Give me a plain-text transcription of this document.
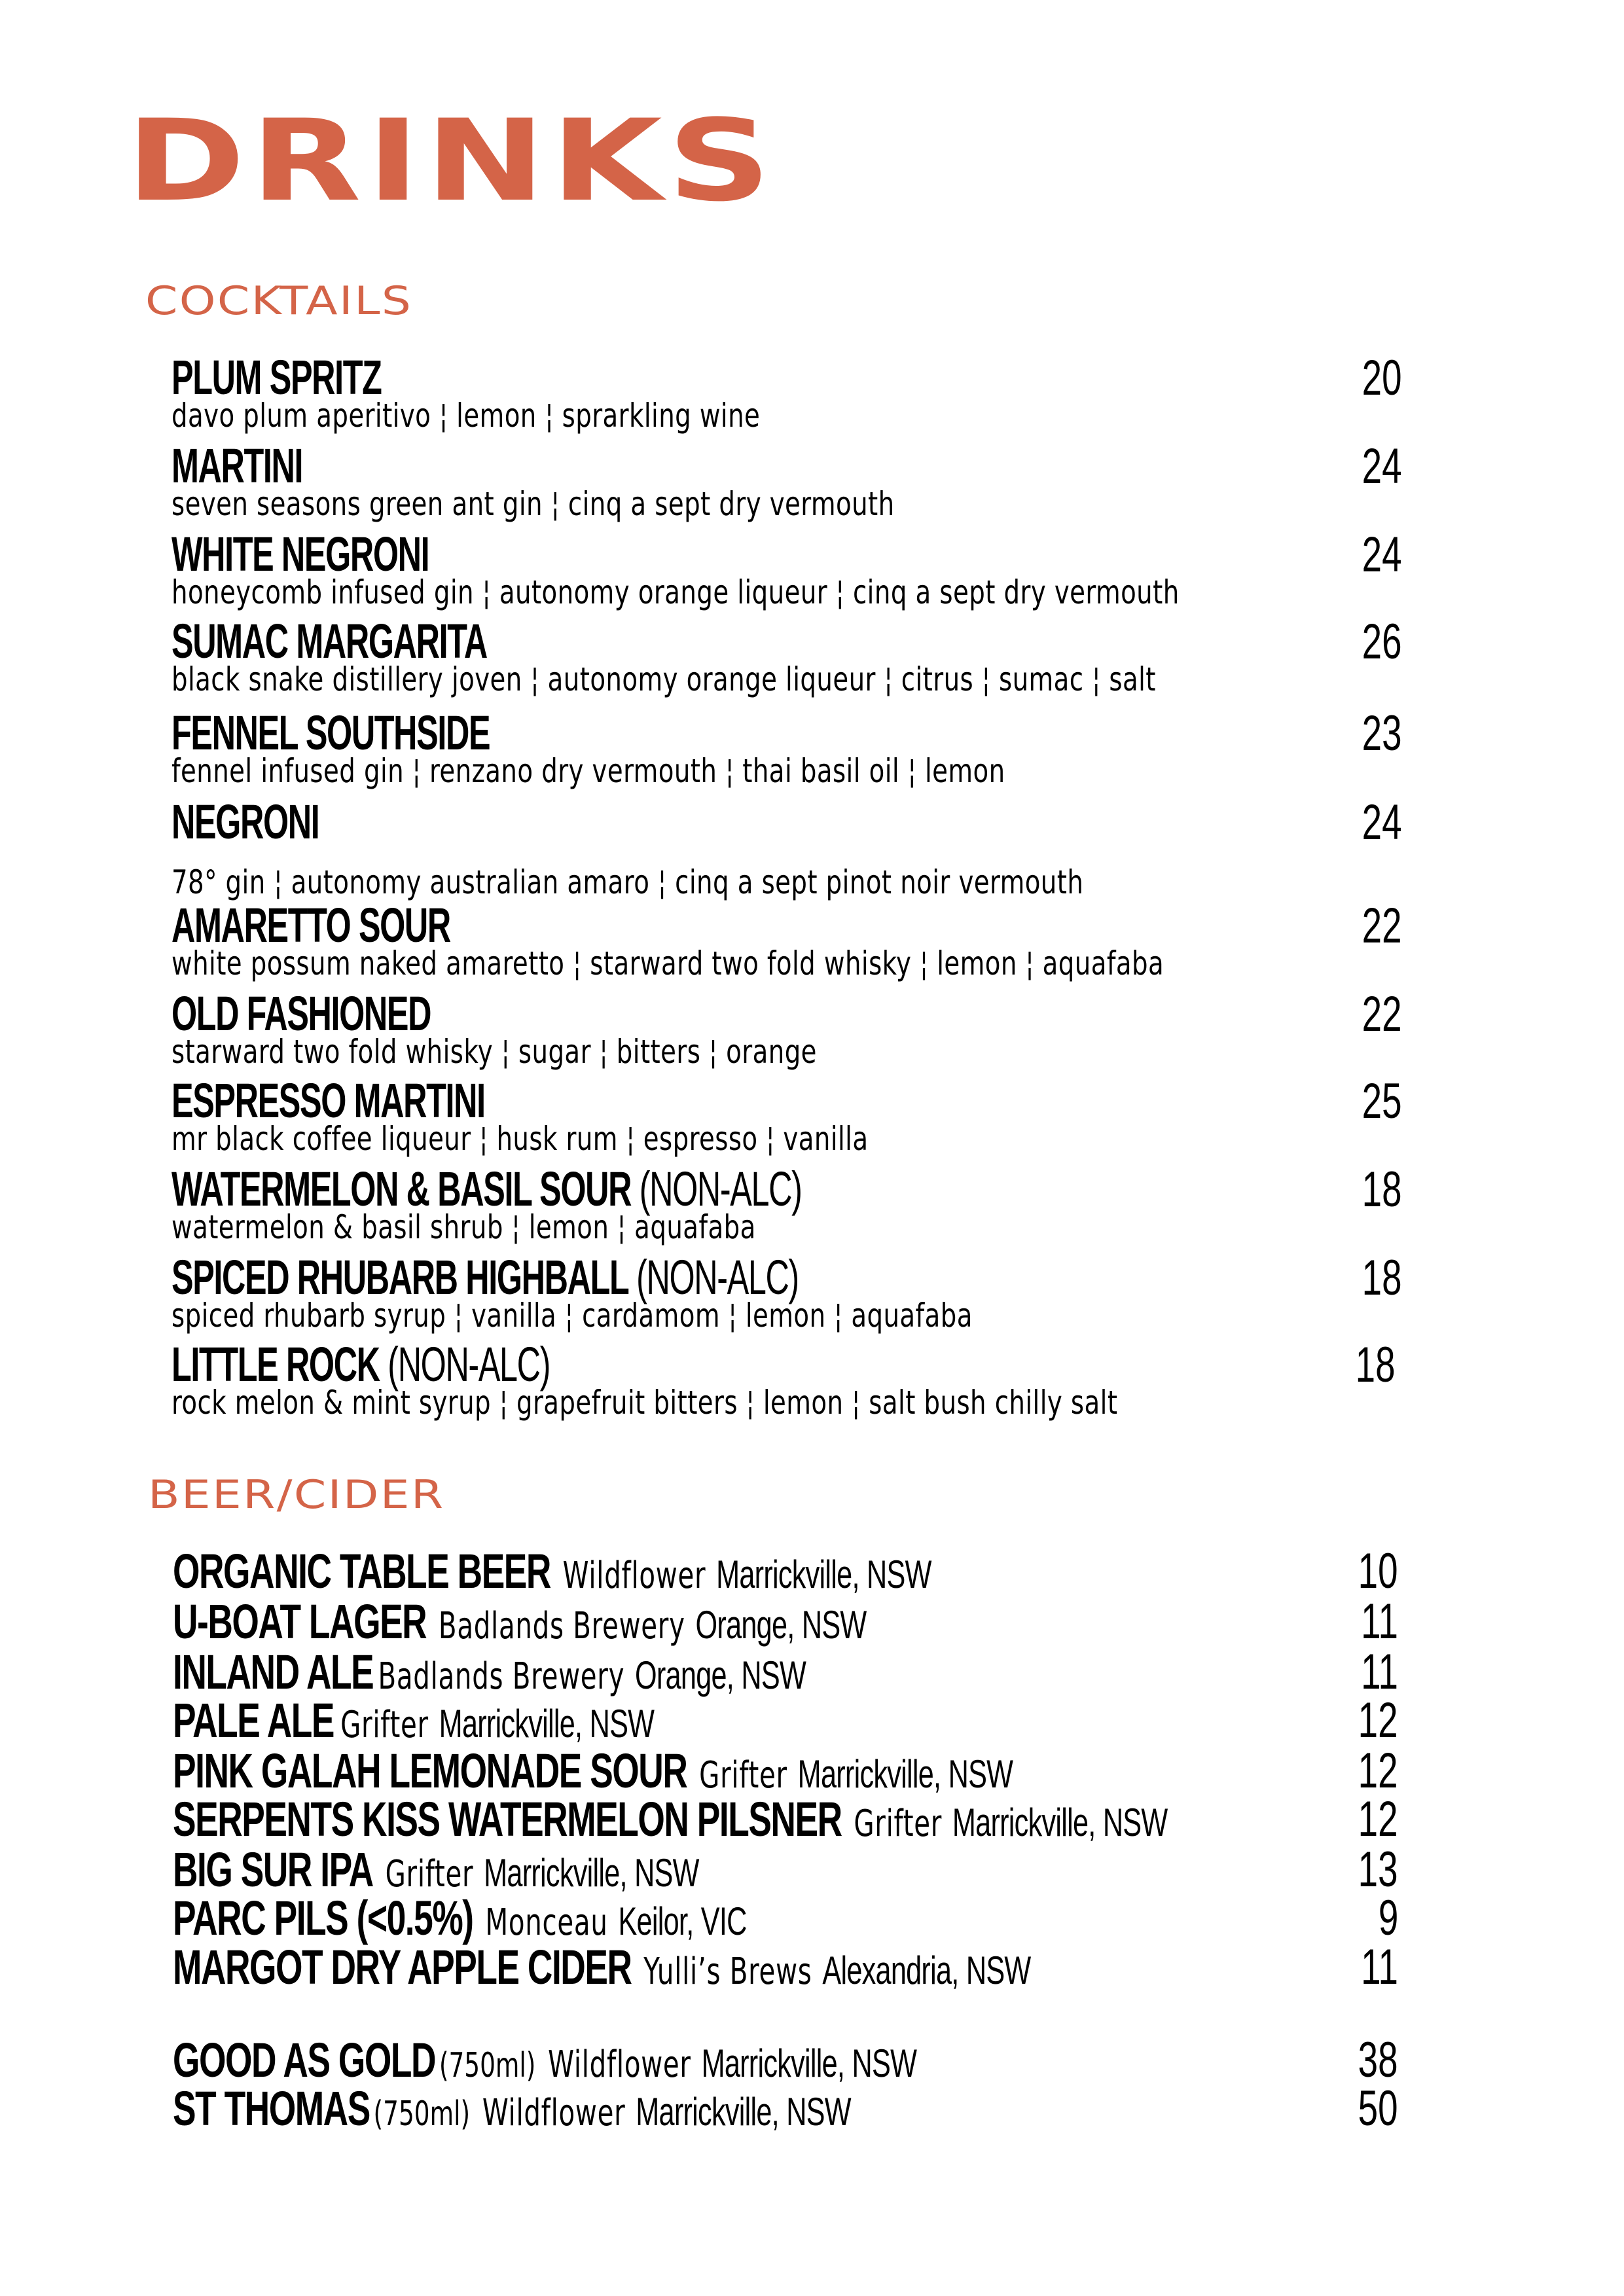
DRINKS
COCKTAILS
PLUM SPRITZ
davo plum aperitivo ¦ lemon ¦ sprarkling wine
20
MARTINI
seven seasons green ant gin ¦ cinq a sept dry vermouth
24
WHITE NEGRONI
honeycomb infused gin ¦ autonomy orange liqueur ¦ cinq a sept dry vermouth
24
SUMAC MARGARITA
black snake distillery joven ¦ autonomy orange liqueur ¦ citrus ¦ sumac ¦ salt
26
FENNEL SOUTHSIDE
fennel infused gin ¦ renzano dry vermouth ¦ thai basil oil ¦ lemon
23
NEGRONI
78° gin ¦ autonomy australian amaro ¦ cinq a sept pinot noir vermouth
24
AMARETTO SOUR
white possum naked amaretto ¦ starward two fold whisky ¦ lemon ¦ aquafaba
22
OLD FASHIONED
starward two fold whisky ¦ sugar ¦ bitters ¦ orange
22
ESPRESSO MARTINI
mr black coffee liqueur ¦ husk rum ¦ espresso ¦ vanilla
25
WATERMELON & BASIL SOUR (NON-ALC)
watermelon & basil shrub ¦ lemon ¦ aquafaba
18
SPICED RHUBARB HIGHBALL (NON-ALC)
spiced rhubarb syrup ¦ vanilla ¦ cardamom ¦ lemon ¦ aquafaba
18
LITTLE ROCK (NON-ALC)
rock melon & mint syrup ¦ grapefruit bitters ¦ lemon ¦ salt bush chilly salt
18
BEER/CIDER
ORGANIC TABLE BEER Wildflower Marrickville, NSW	10
U-BOAT LAGER Badlands Brewery Orange, NSW	11
INLAND ALE Badlands Brewery Orange, NSW	11
PALE ALE Grifter Marrickville, NSW	12
PINK GALAH LEMONADE SOUR Grifter Marrickville, NSW	12
SERPENTS KISS WATERMELON PILSNER Grifter Marrickville, NSW	12
BIG SUR IPA Grifter Marrickville, NSW	13
PARC PILS (<0.5%) Monceau Keilor, VIC	9
MARGOT DRY APPLE CIDER Yulli’s Brews Alexandria, NSW	11
GOOD AS GOLD (750ml) Wildflower Marrickville, NSW	38
ST THOMAS (750ml) Wildflower Marrickville, NSW	50
